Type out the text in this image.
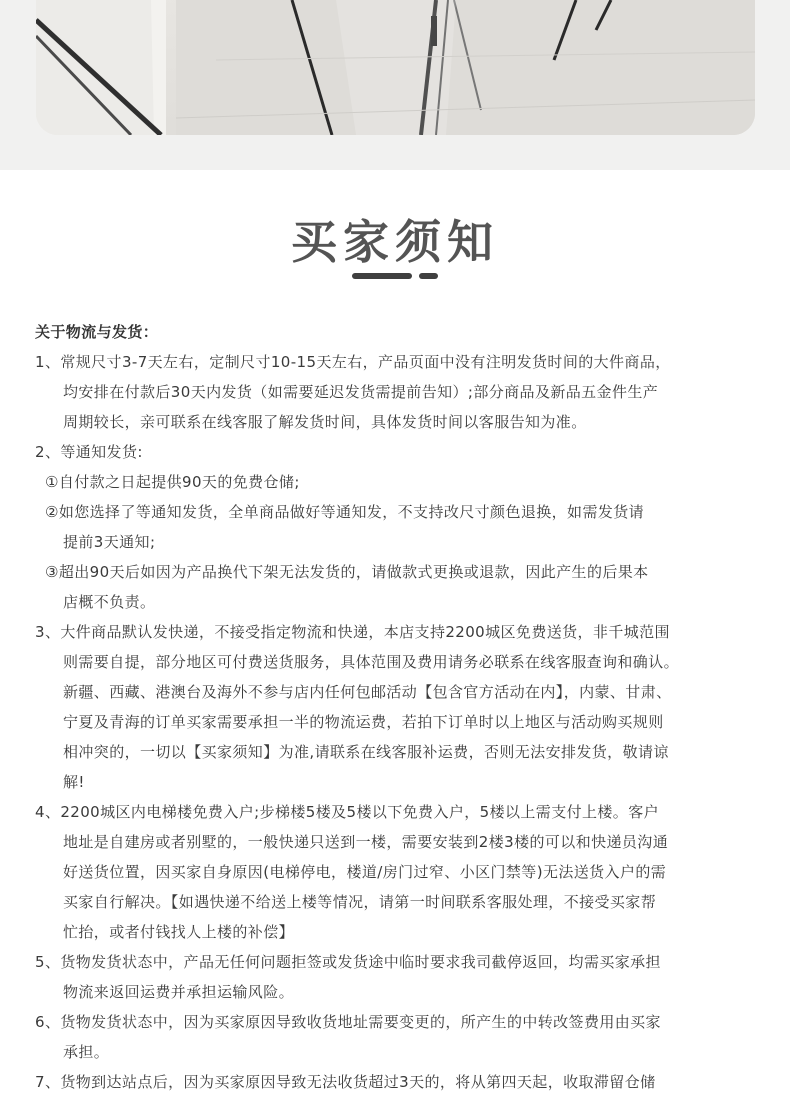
买家须知
关于物流与发货：
1、常规尺寸3-7天左右，定制尺寸10-15天左右，产品页面中没有注明发货时间的大件商品，
均安排在付款后30天内发货（如需要延迟发货需提前告知）;部分商品及新品五金件生产
周期较长，亲可联系在线客服了解发货时间，具体发货时间以客服告知为准。
2、等通知发货:
①自付款之日起提供90天的免费仓储;
②如您选择了等通知发货，全单商品做好等通知发，不支持改尺寸颜色退换，如需发货请
提前3天通知;
③超出90天后如因为产品换代下架无法发货的，请做款式更换或退款，因此产生的后果本
店概不负责。
3、大件商品默认发快递，不接受指定物流和快递，本店支持2200城区免费送货，非千城范围
则需要自提，部分地区可付费送货服务，具体范围及费用请务必联系在线客服查询和确认。
新疆、西藏、港澳台及海外不参与店内任何包邮活动【包含官方活动在内】，内蒙、甘肃、
宁夏及青海的订单买家需要承担一半的物流运费，若拍下订单时以上地区与活动购买规则
相冲突的，一切以【买家须知】为准,请联系在线客服补运费，否则无法安排发货，敬请谅
解!
4、2200城区内电梯楼免费入户;步梯楼5楼及5楼以下免费入户，5楼以上需支付上楼。客户
地址是自建房或者别墅的，一般快递只送到一楼，需要安装到2楼3楼的可以和快递员沟通
好送货位置，因买家自身原因(电梯停电，楼道/房门过窄、小区门禁等)无法送货入户的需
买家自行解决。【如遇快递不给送上楼等情况，请第一时间联系客服处理，不接受买家帮
忙抬，或者付钱找人上楼的补偿】
5、货物发货状态中，产品无任何问题拒签或发货途中临时要求我司截停返回，均需买家承担
物流来返回运费并承担运输风险。
6、货物发货状态中，因为买家原因导致收货地址需要变更的，所产生的中转改签费用由买家
承担。
7、货物到达站点后，因为买家原因导致无法收货超过3天的，将从第四天起，收取滞留仓储
